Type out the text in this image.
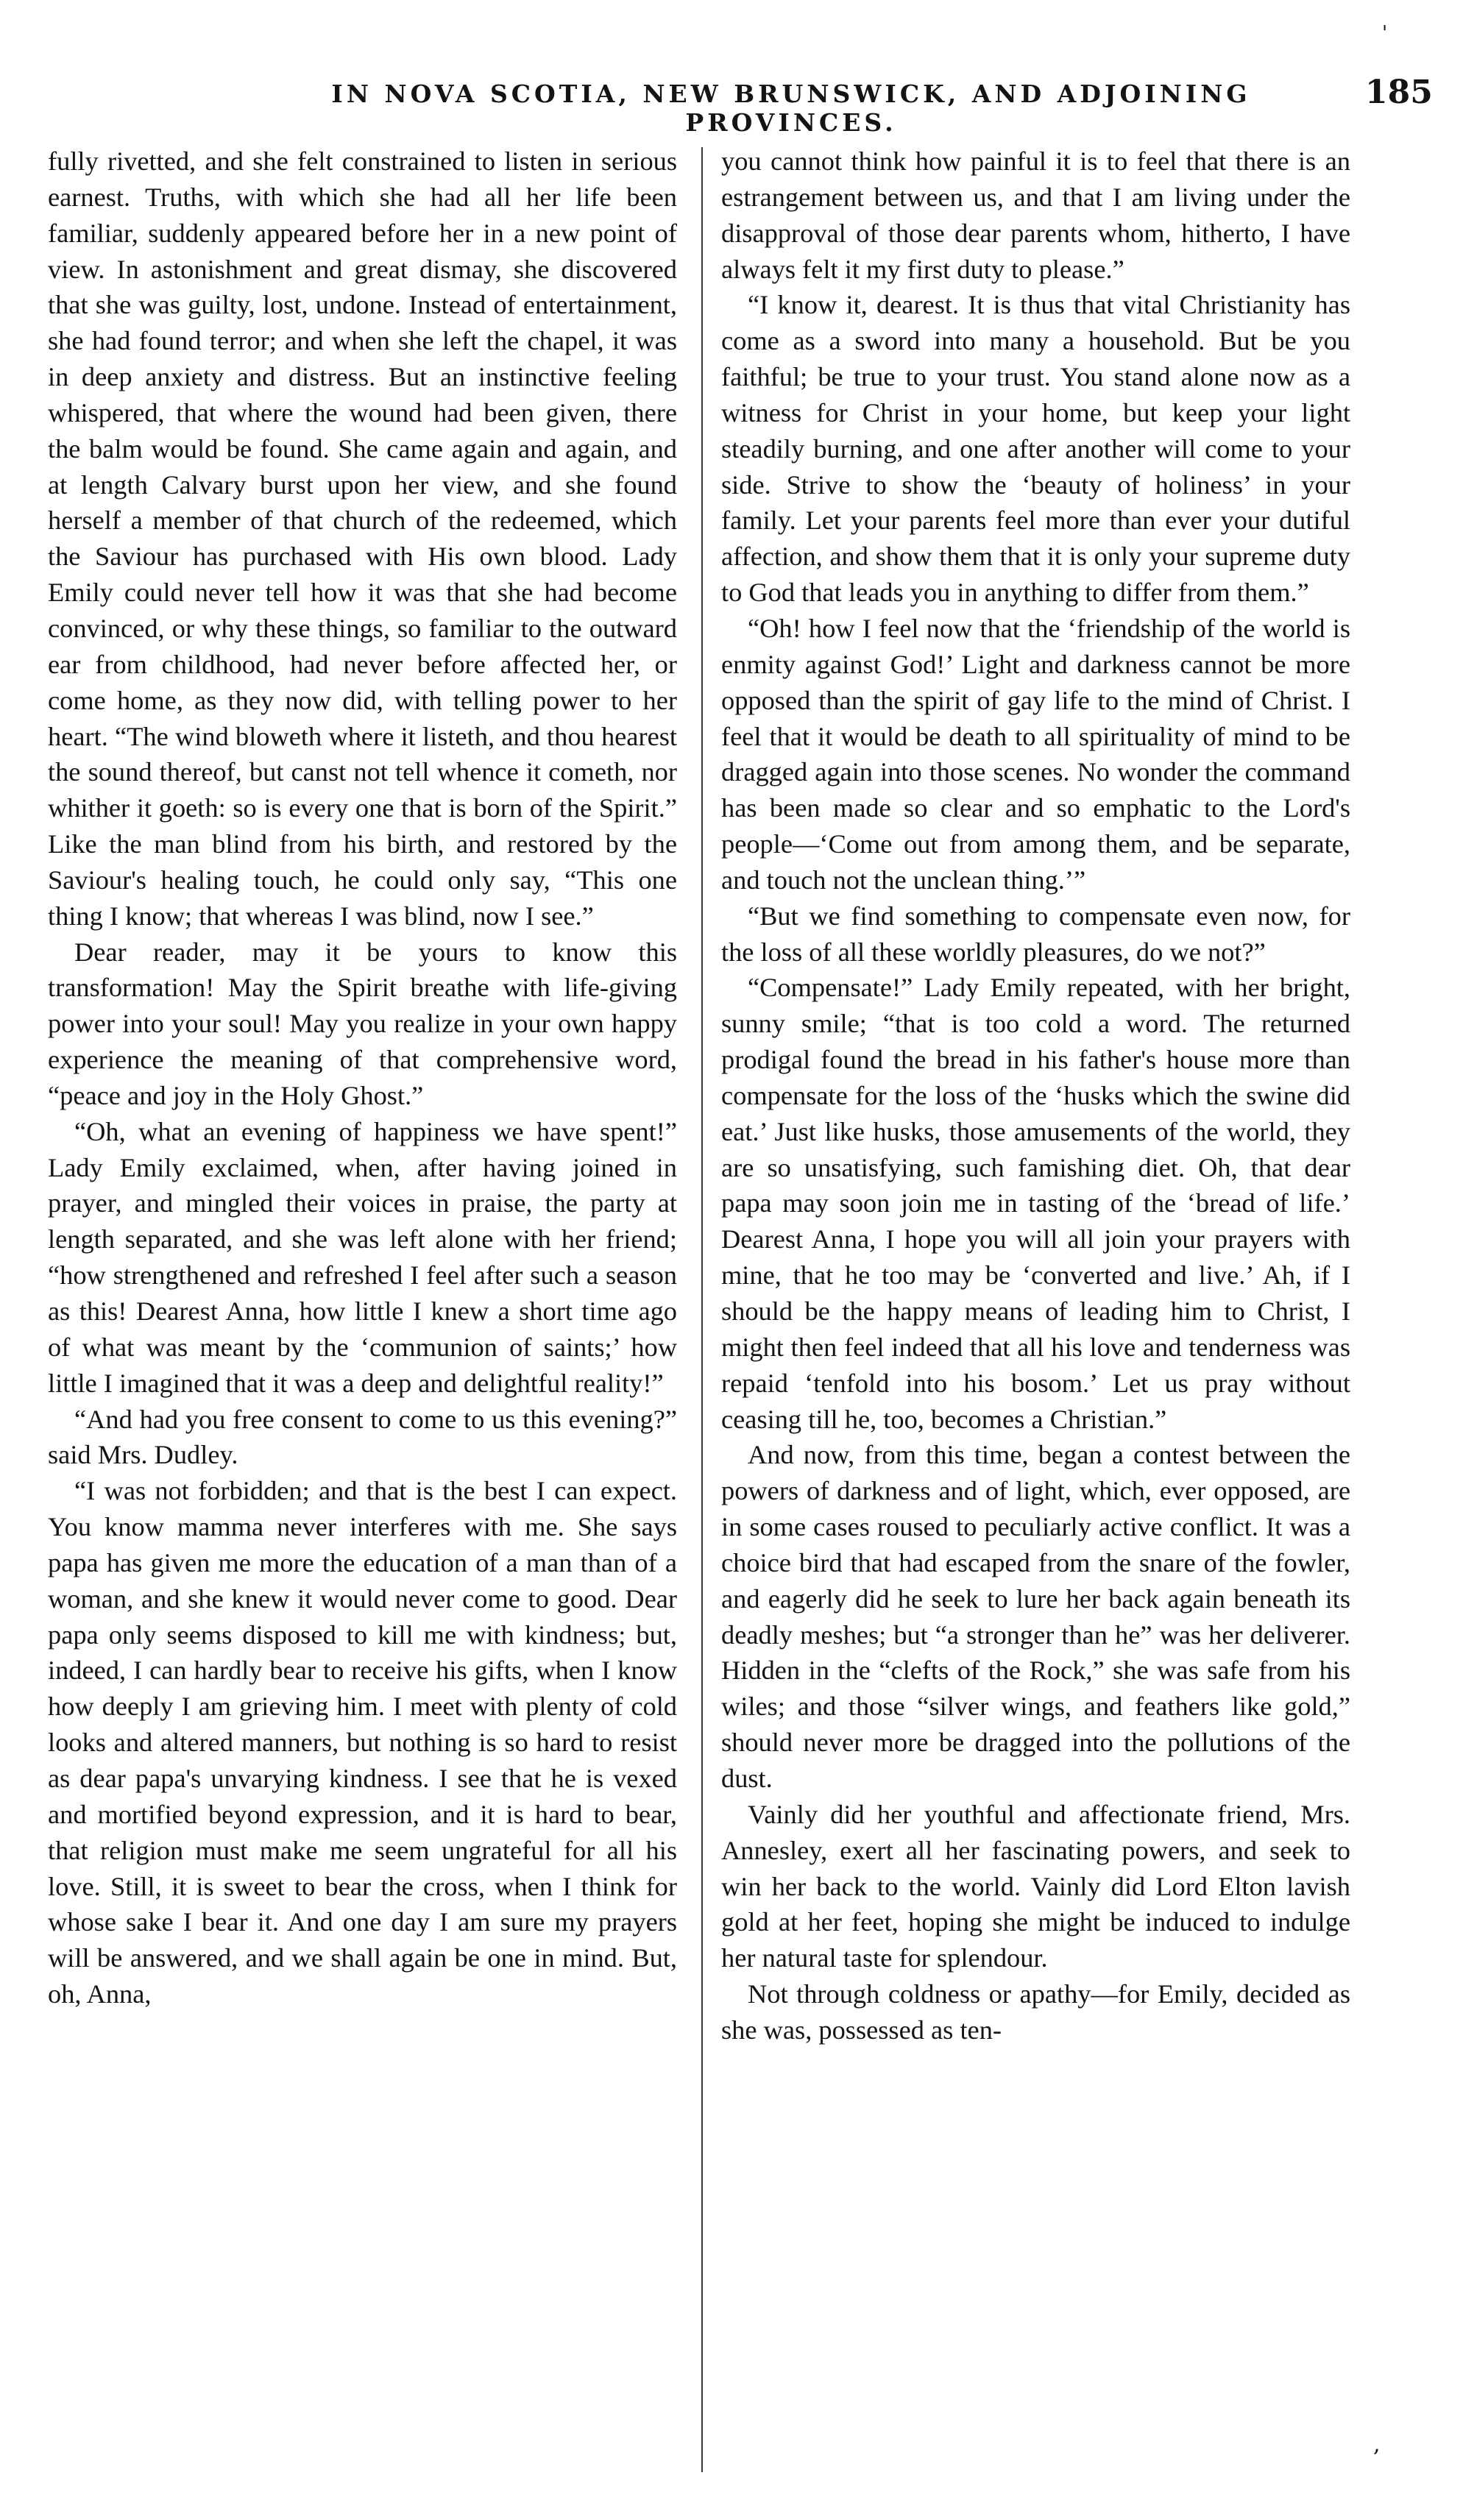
'
IN NOVA SCOTIA, NEW BRUNSWICK, AND ADJOINING PROVINCES.
185

fully rivetted, and she felt constrained to listen in serious earnest. Truths, with which she had all her life been familiar, suddenly appeared before her in a new point of view. In astonishment and great dismay, she discovered that she was guilty, lost, undone. Instead of entertainment, she had found terror; and when she left the chapel, it was in deep anxiety and distress. But an instinctive feeling whispered, that where the wound had been given, there the balm would be found. She came again and again, and at length Calvary burst upon her view, and she found herself a member of that church of the redeemed, which the Saviour has purchased with His own blood. Lady Emily could never tell how it was that she had become convinced, or why these things, so familiar to the outward ear from childhood, had never before affected her, or come home, as they now did, with telling power to her heart. “The wind bloweth where it listeth, and thou hearest the sound thereof, but canst not tell whence it cometh, nor whither it goeth: so is every one that is born of the Spirit.” Like the man blind from his birth, and restored by the Saviour's healing touch, he could only say, “This one thing I know; that whereas I was blind, now I see.”

Dear reader, may it be yours to know this transformation! May the Spirit breathe with life-giving power into your soul! May you realize in your own happy experience the meaning of that comprehensive word, “peace and joy in the Holy Ghost.”

“Oh, what an evening of happiness we have spent!” Lady Emily exclaimed, when, after having joined in prayer, and mingled their voices in praise, the party at length separated, and she was left alone with her friend; “how strengthened and refreshed I feel after such a season as this! Dearest Anna, how little I knew a short time ago of what was meant by the ‘communion of saints;’ how little I imagined that it was a deep and delightful reality!”

“And had you free consent to come to us this evening?” said Mrs. Dudley.

“I was not forbidden; and that is the best I can expect. You know mamma never interferes with me. She says papa has given me more the education of a man than of a woman, and she knew it would never come to good. Dear papa only seems disposed to kill me with kindness; but, indeed, I can hardly bear to receive his gifts, when I know how deeply I am grieving him. I meet with plenty of cold looks and altered manners, but nothing is so hard to resist as dear papa's unvarying kindness. I see that he is vexed and mortified beyond expression, and it is hard to bear, that religion must make me seem ungrateful for all his love. Still, it is sweet to bear the cross, when I think for whose sake I bear it. And one day I am sure my prayers will be answered, and we shall again be one in mind. But, oh, Anna,

you cannot think how painful it is to feel that there is an estrangement between us, and that I am living under the disapproval of those dear parents whom, hitherto, I have always felt it my first duty to please.”

“I know it, dearest. It is thus that vital Christianity has come as a sword into many a household. But be you faithful; be true to your trust. You stand alone now as a witness for Christ in your home, but keep your light steadily burning, and one after another will come to your side. Strive to show the ‘beauty of holiness’ in your family. Let your parents feel more than ever your dutiful affection, and show them that it is only your supreme duty to God that leads you in anything to differ from them.”

“Oh! how I feel now that the ‘friendship of the world is enmity against God!’ Light and darkness cannot be more opposed than the spirit of gay life to the mind of Christ. I feel that it would be death to all spirituality of mind to be dragged again into those scenes. No wonder the command has been made so clear and so emphatic to the Lord's people—‘Come out from among them, and be separate, and touch not the unclean thing.’”

“But we find something to compensate even now, for the loss of all these worldly pleasures, do we not?”

“Compensate!” Lady Emily repeated, with her bright, sunny smile; “that is too cold a word. The returned prodigal found the bread in his father's house more than compensate for the loss of the ‘husks which the swine did eat.’ Just like husks, those amusements of the world, they are so unsatisfying, such famishing diet. Oh, that dear papa may soon join me in tasting of the ‘bread of life.’ Dearest Anna, I hope you will all join your prayers with mine, that he too may be ‘converted and live.’ Ah, if I should be the happy means of leading him to Christ, I might then feel indeed that all his love and tenderness was repaid ‘tenfold into his bosom.’ Let us pray without ceasing till he, too, becomes a Christian.”

And now, from this time, began a contest between the powers of darkness and of light, which, ever opposed, are in some cases roused to peculiarly active conflict. It was a choice bird that had escaped from the snare of the fowler, and eagerly did he seek to lure her back again beneath its deadly meshes; but “a stronger than he” was her deliverer. Hidden in the “clefts of the Rock,” she was safe from his wiles; and those “silver wings, and feathers like gold,” should never more be dragged into the pollutions of the dust.

Vainly did her youthful and affectionate friend, Mrs. Annesley, exert all her fascinating powers, and seek to win her back to the world. Vainly did Lord Elton lavish gold at her feet, hoping she might be induced to indulge her natural taste for splendour.

Not through coldness or apathy—for Emily, decided as she was, possessed as ten-

,
